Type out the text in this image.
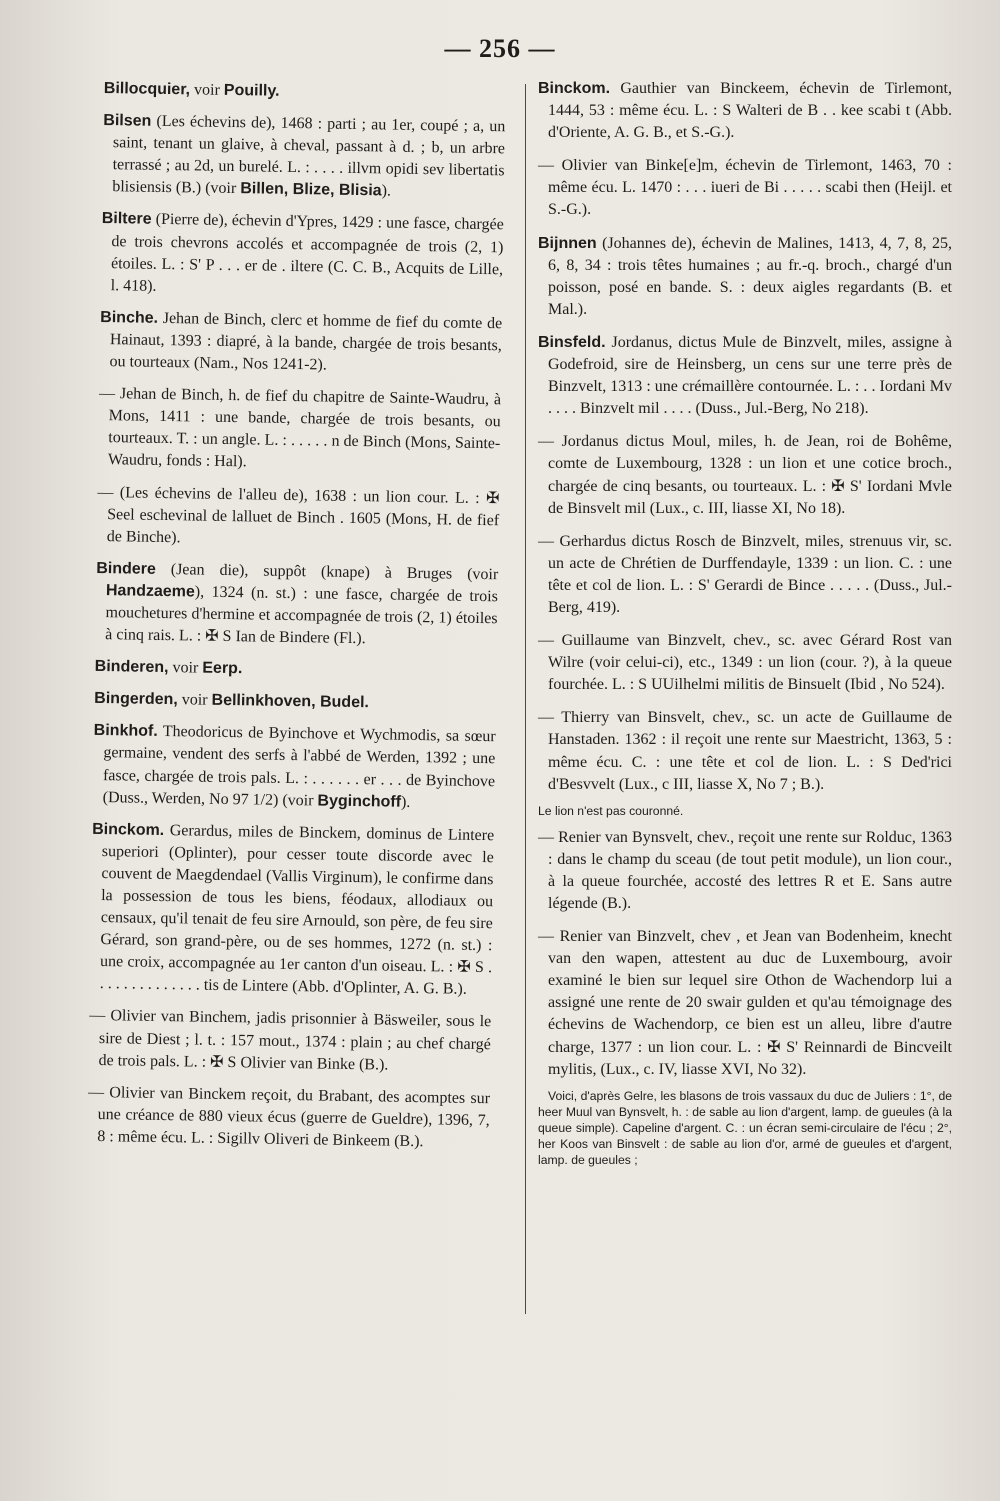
— 256 —

Billocquier, voir Pouilly.

Bilsen (Les échevins de), 1468 : parti ; au 1er, coupé ; a, un saint, tenant un glaive, à cheval, passant à d. ; b, un arbre terrassé ; au 2d, un burelé. L. : . . . . illvm opidi sev libertatis blisiensis (B.) (voir Billen, Blize, Blisia).

Biltere (Pierre de), échevin d'Ypres, 1429 : une fasce, chargée de trois chevrons accolés et accompagnée de trois (2, 1) étoiles. L. : S' P . . . er de . iltere (C. C. B., Acquits de Lille, l. 418).

Binche. Jehan de Binch, clerc et homme de fief du comte de Hainaut, 1393 : diapré, à la bande, chargée de trois besants, ou tourteaux (Nam., Nos 1241-2).

— Jehan de Binch, h. de fief du chapitre de Sainte-Waudru, à Mons, 1411 : une bande, chargée de trois besants, ou tourteaux. T. : un angle. L. : . . . . . n de Binch (Mons, Sainte-Waudru, fonds : Hal).

— (Les échevins de l'alleu de), 1638 : un lion cour. L. : ✠ Seel eschevinal de lalluet de Binch . 1605 (Mons, H. de fief de Binche).

Bindere (Jean die), suppôt (knape) à Bruges (voir Handzaeme), 1324 (n. st.) : une fasce, chargée de trois mouchetures d'hermine et accompagnée de trois (2, 1) étoiles à cinq rais. L. : ✠ S Ian de Bindere (Fl.).

Binderen, voir Eerp.

Bingerden, voir Bellinkhoven, Budel.

Binkhof. Theodoricus de Byinchove et Wychmodis, sa sœur germaine, vendent des serfs à l'abbé de Werden, 1392 ; une fasce, chargée de trois pals. L. : . . . . . . er . . . de Byinchove (Duss., Werden, No 97 1/2) (voir Byginchoff).

Binckom. Gerardus, miles de Binckem, dominus de Lintere superiori (Oplinter), pour cesser toute discorde avec le couvent de Maegdendael (Vallis Virginum), le confirme dans la possession de tous les biens, féodaux, allodiaux ou censaux, qu'il tenait de feu sire Arnould, son père, de feu sire Gérard, son grand-père, ou de ses hommes, 1272 (n. st.) : une croix, accompagnée au 1er canton d'un oiseau. L. : ✠ S . . . . . . . . . . . . . . tis de Lintere (Abb. d'Oplinter, A. G. B.).

— Olivier van Binchem, jadis prisonnier à Bäsweiler, sous le sire de Diest ; l. t. : 157 mout., 1374 : plain ; au chef chargé de trois pals. L. : ✠ S Olivier van Binke (B.).

— Olivier van Binckem reçoit, du Brabant, des acomptes sur une créance de 880 vieux écus (guerre de Gueldre), 1396, 7, 8 : même écu. L. : Sigillv Oliveri de Binkeem (B.).

Binckom. Gauthier van Binckeem, échevin de Tirlemont, 1444, 53 : même écu. L. : S Walteri de B . . kee scabi t (Abb. d'Oriente, A. G. B., et S.-G.).

— Olivier van Binke[e]m, échevin de Tirlemont, 1463, 70 : même écu. L. 1470 : . . . iueri de Bi . . . . . scabi then (Heijl. et S.-G.).

Bijnnen (Johannes de), échevin de Malines, 1413, 4, 7, 8, 25, 6, 8, 34 : trois têtes humaines ; au fr.-q. broch., chargé d'un poisson, posé en bande. S. : deux aigles regardants (B. et Mal.).

Binsfeld. Jordanus, dictus Mule de Binzvelt, miles, assigne à Godefroid, sire de Heinsberg, un cens sur une terre près de Binzvelt, 1313 : une crémaillère contournée. L. : . . Iordani Mv . . . . Binzvelt mil . . . . (Duss., Jul.-Berg, No 218).

— Jordanus dictus Moul, miles, h. de Jean, roi de Bohême, comte de Luxembourg, 1328 : un lion et une cotice broch., chargée de cinq besants, ou tourteaux. L. : ✠ S' Iordani Mvle de Binsvelt mil (Lux., c. III, liasse XI, No 18).

— Gerhardus dictus Rosch de Binzvelt, miles, strenuus vir, sc. un acte de Chrétien de Durffendayle, 1339 : un lion. C. : une tête et col de lion. L. : S' Gerardi de Bince . . . . . (Duss., Jul.-Berg, 419).

— Guillaume van Binzvelt, chev., sc. avec Gérard Rost van Wilre (voir celui-ci), etc., 1349 : un lion (cour. ?), à la queue fourchée. L. : S UUilhelmi militis de Binsuelt (Ibid , No 524).

— Thierry van Binsvelt, chev., sc. un acte de Guillaume de Hanstaden. 1362 : il reçoit une rente sur Maestricht, 1363, 5 : même écu. C. : une tête et col de lion. L. : S Ded'rici d'Besvvelt (Lux., c III, liasse X, No 7 ; B.).

Le lion n'est pas couronné.

— Renier van Bynsvelt, chev., reçoit une rente sur Rolduc, 1363 : dans le champ du sceau (de tout petit module), un lion cour., à la queue fourchée, accosté des lettres R et E. Sans autre légende (B.).

— Renier van Binzvelt, chev , et Jean van Bodenheim, knecht van den wapen, attestent au duc de Luxembourg, avoir examiné le bien sur lequel sire Othon de Wachendorp lui a assigné une rente de 20 swair gulden et qu'au témoignage des échevins de Wachendorp, ce bien est un alleu, libre d'autre charge, 1377 : un lion cour. L. : ✠ S' Reinnardi de Bincveilt mylitis, (Lux., c. IV, liasse XVI, No 32).

Voici, d'après Gelre, les blasons de trois vassaux du duc de Juliers : 1°, de heer Muul van Bynsvelt, h. : de sable au lion d'argent, lamp. de gueules (à la queue simple). Capeline d'argent. C. : un écran semi-circulaire de l'écu ; 2°, her Koos van Binsvelt : de sable au lion d'or, armé de gueules et d'argent, lamp. de gueules ;
